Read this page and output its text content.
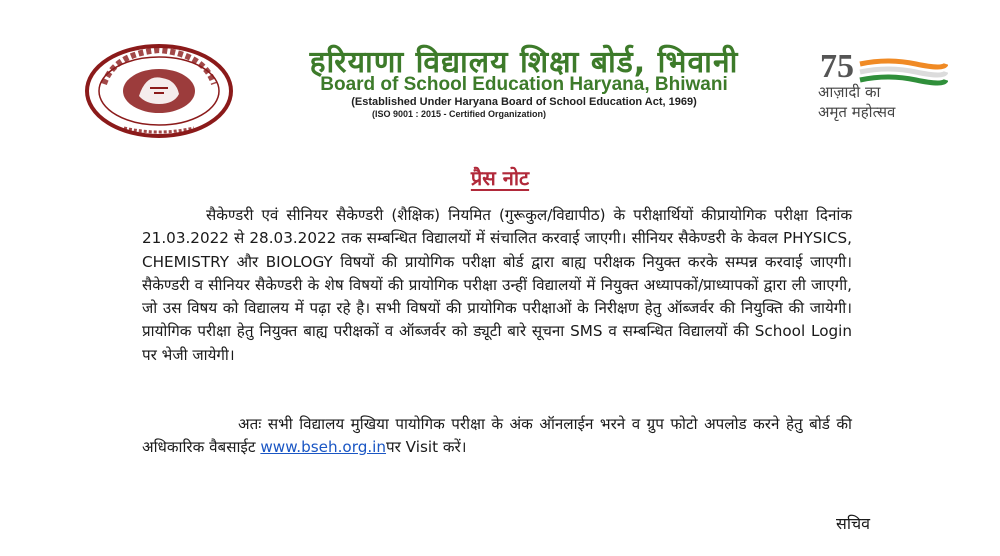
हरियाणा विद्यालय शिक्षा बोर्ड, भिवानी
Board of School Education Haryana, Bhiwani
(Established Under Haryana Board of School Education Act, 1969)
(ISO 9001 : 2015 - Certified Organization)
75
आज़ादी का
अमृत महोत्सव
प्रैस नोट
सैकेण्डरी एवं सीनियर सैकेण्डरी (शैक्षिक) नियमित (गुरूकुल/विद्यापीठ) के परीक्षार्थियों कीप्रायोगिक परीक्षा दिनांक 21.03.2022 से 28.03.2022 तक सम्बन्धित विद्यालयों में संचालित करवाई जाएगी। सीनियर सैकेण्डरी के केवल PHYSICS, CHEMISTRY और BIOLOGY विषयों की प्रायोगिक परीक्षा बोर्ड द्वारा बाह्य परीक्षक नियुक्त करके सम्पन्न करवाई जाएगी। सैकेण्डरी व सीनियर सैकेण्डरी के शेष विषयों की प्रायोगिक परीक्षा उन्हीं विद्यालयों में नियुक्त अध्यापकों/प्राध्यापकों द्वारा ली जाएगी, जो उस विषय को विद्यालय में पढ़ा रहे है। सभी विषयों की प्रायोगिक परीक्षाओं के निरीक्षण हेतु ऑब्जर्वर की नियुक्ति की जायेगी। प्रायोगिक परीक्षा हेतु नियुक्त बाह्य परीक्षकों व ऑब्जर्वर को ड्यूटी बारे सूचना SMS व सम्बन्धित विद्यालयों की School Login पर भेजी जायेगी।
अतः सभी विद्यालय मुखिया पायोगिक परीक्षा के अंक ऑनलाईन भरने व ग्रुप फोटो अपलोड करने हेतु बोर्ड की अधिकारिक वैबसाईट www.bseh.org.inपर Visit करें।
सचिव
